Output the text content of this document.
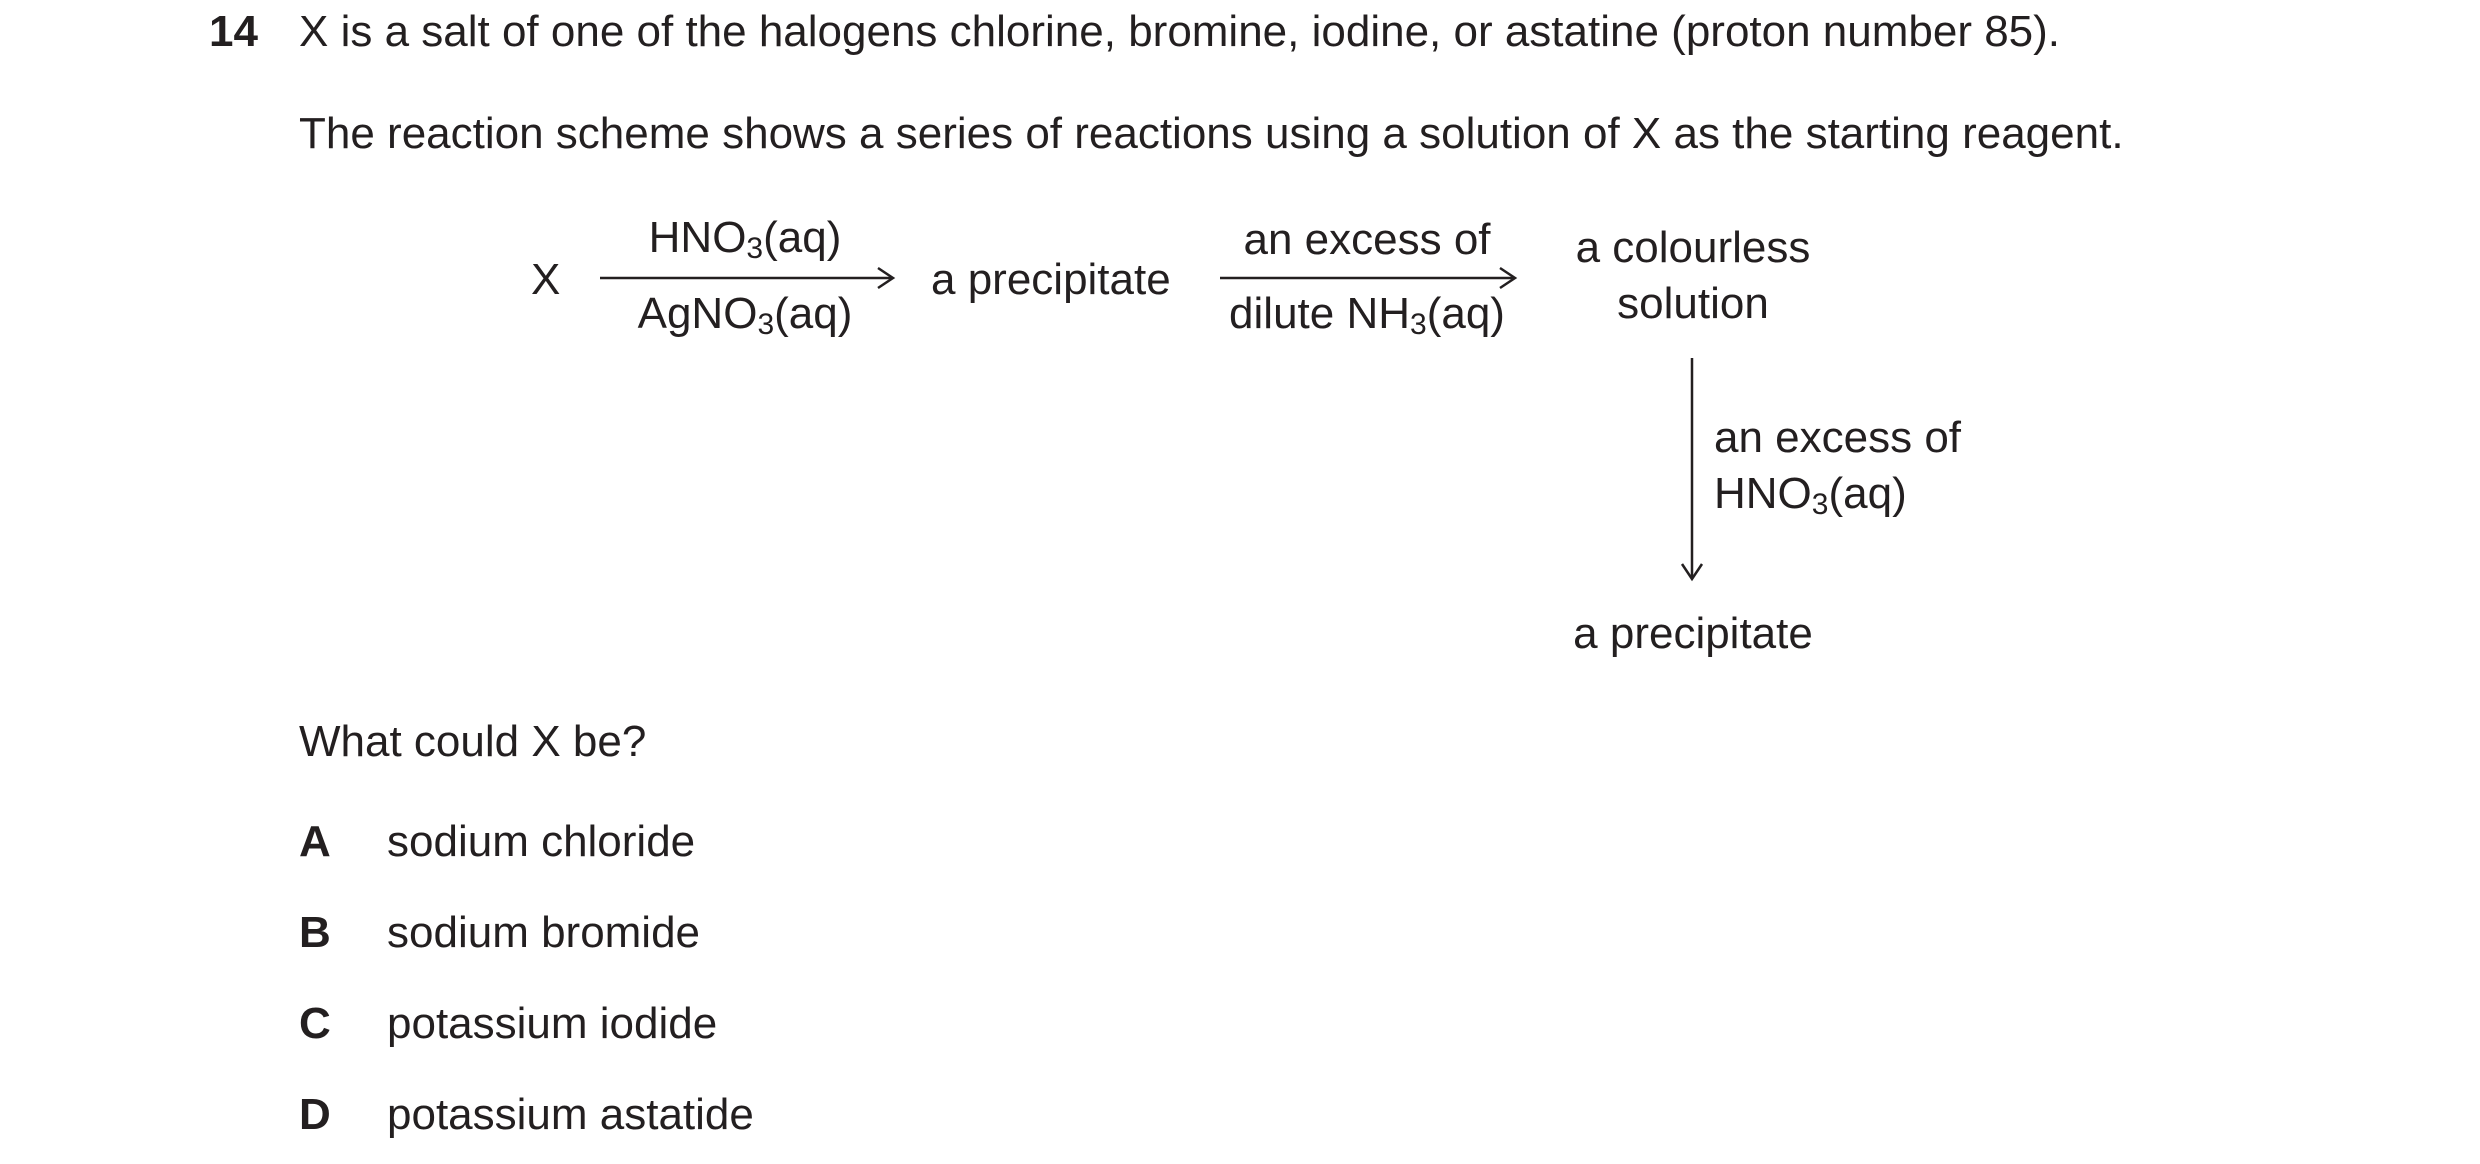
14 X is a salt of one of the halogens chlorine, bromine, iodine, or astatine (proton number 85).
The reaction scheme shows a series of reactions using a solution of X as the starting reagent.
X
$HNO_3(aq)$
AgNO$_3$(aq)
a precipitate
an excess of
dilute $NH_3(aq)$
a colourless
solution
an excess of
$HNO_3(aq)$
a precipitate
What could X be?
A sodium chloride
B sodium bromide
C potassium iodide
D potassium astatide
